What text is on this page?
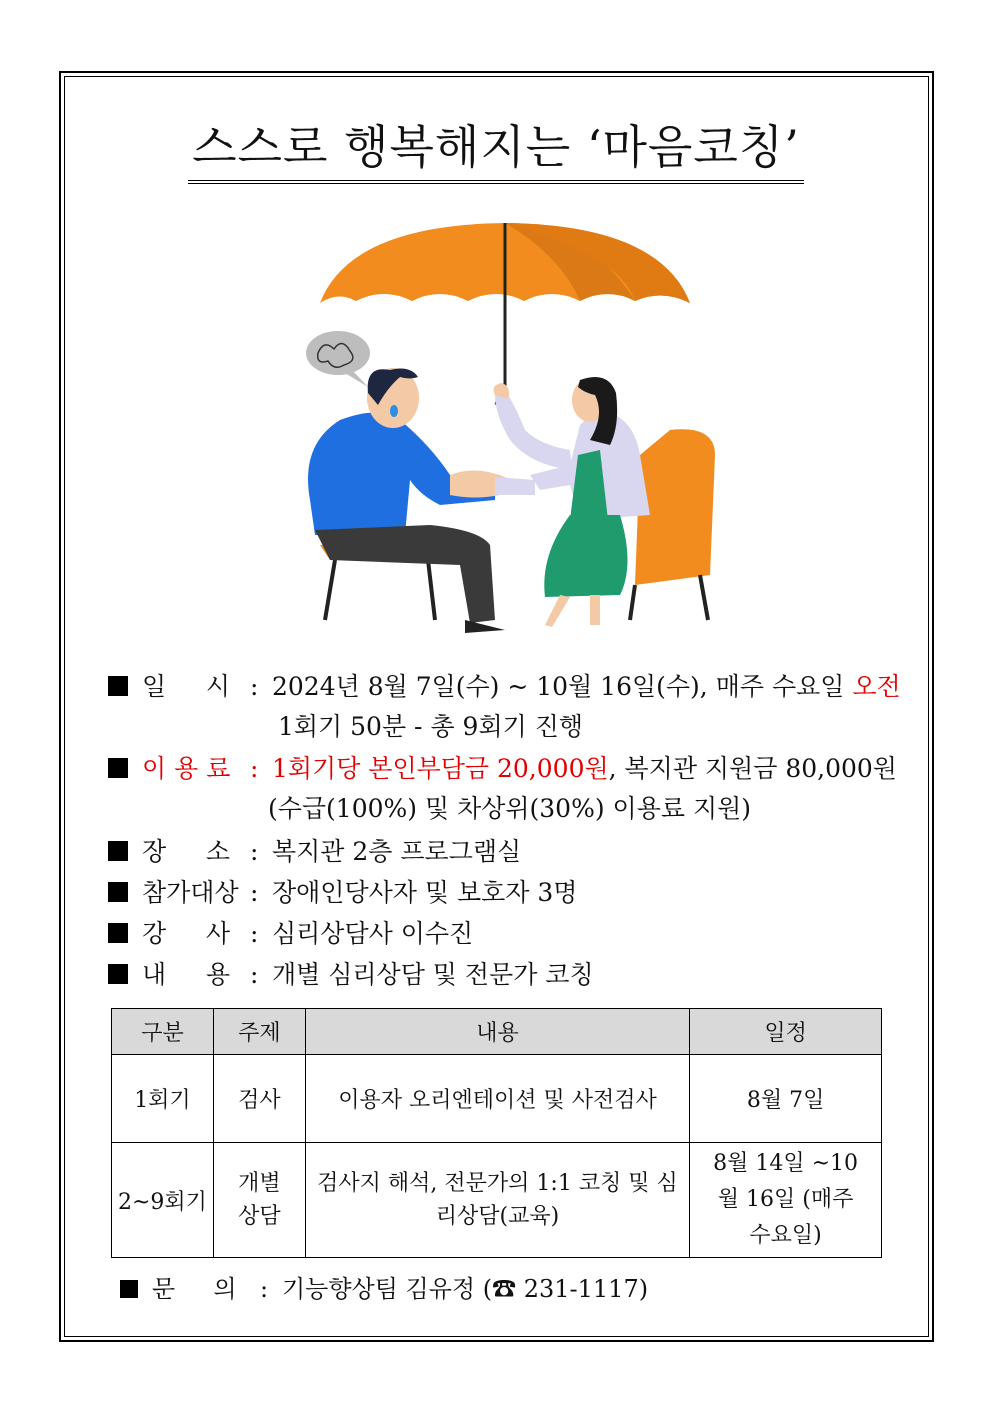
스스로 행복해지는 ‘마음코칭’
일     시 : 2024년 8월 7일(수) ~ 10월 16일(수), 매주 수요일 오전
1회기 50분 - 총 9회기 진행
이 용 료 : 1회기당 본인부담금 20,000원, 복지관 지원금 80,000원
(수급(100%) 및 차상위(30%) 이용료 지원)
장     소 : 복지관 2층 프로그램실
참가대상 : 장애인당사자 및 보호자 3명
강     사 : 심리상담사 이수진
내     용 : 개별 심리상담 및 전문가 코칭
구분	주제	내용	일정
1회기	검사	이용자 오리엔테이션 및 사전검사	8월 7일
2~9회기	개별 상담	검사지 해석, 전문가의 1:1 코칭 및 심리상담(교육)	8월 14일 ~10월 16일 (매주 수요일)
문     의 : 기능향상팀 김유정 (☎ 231-1117)
